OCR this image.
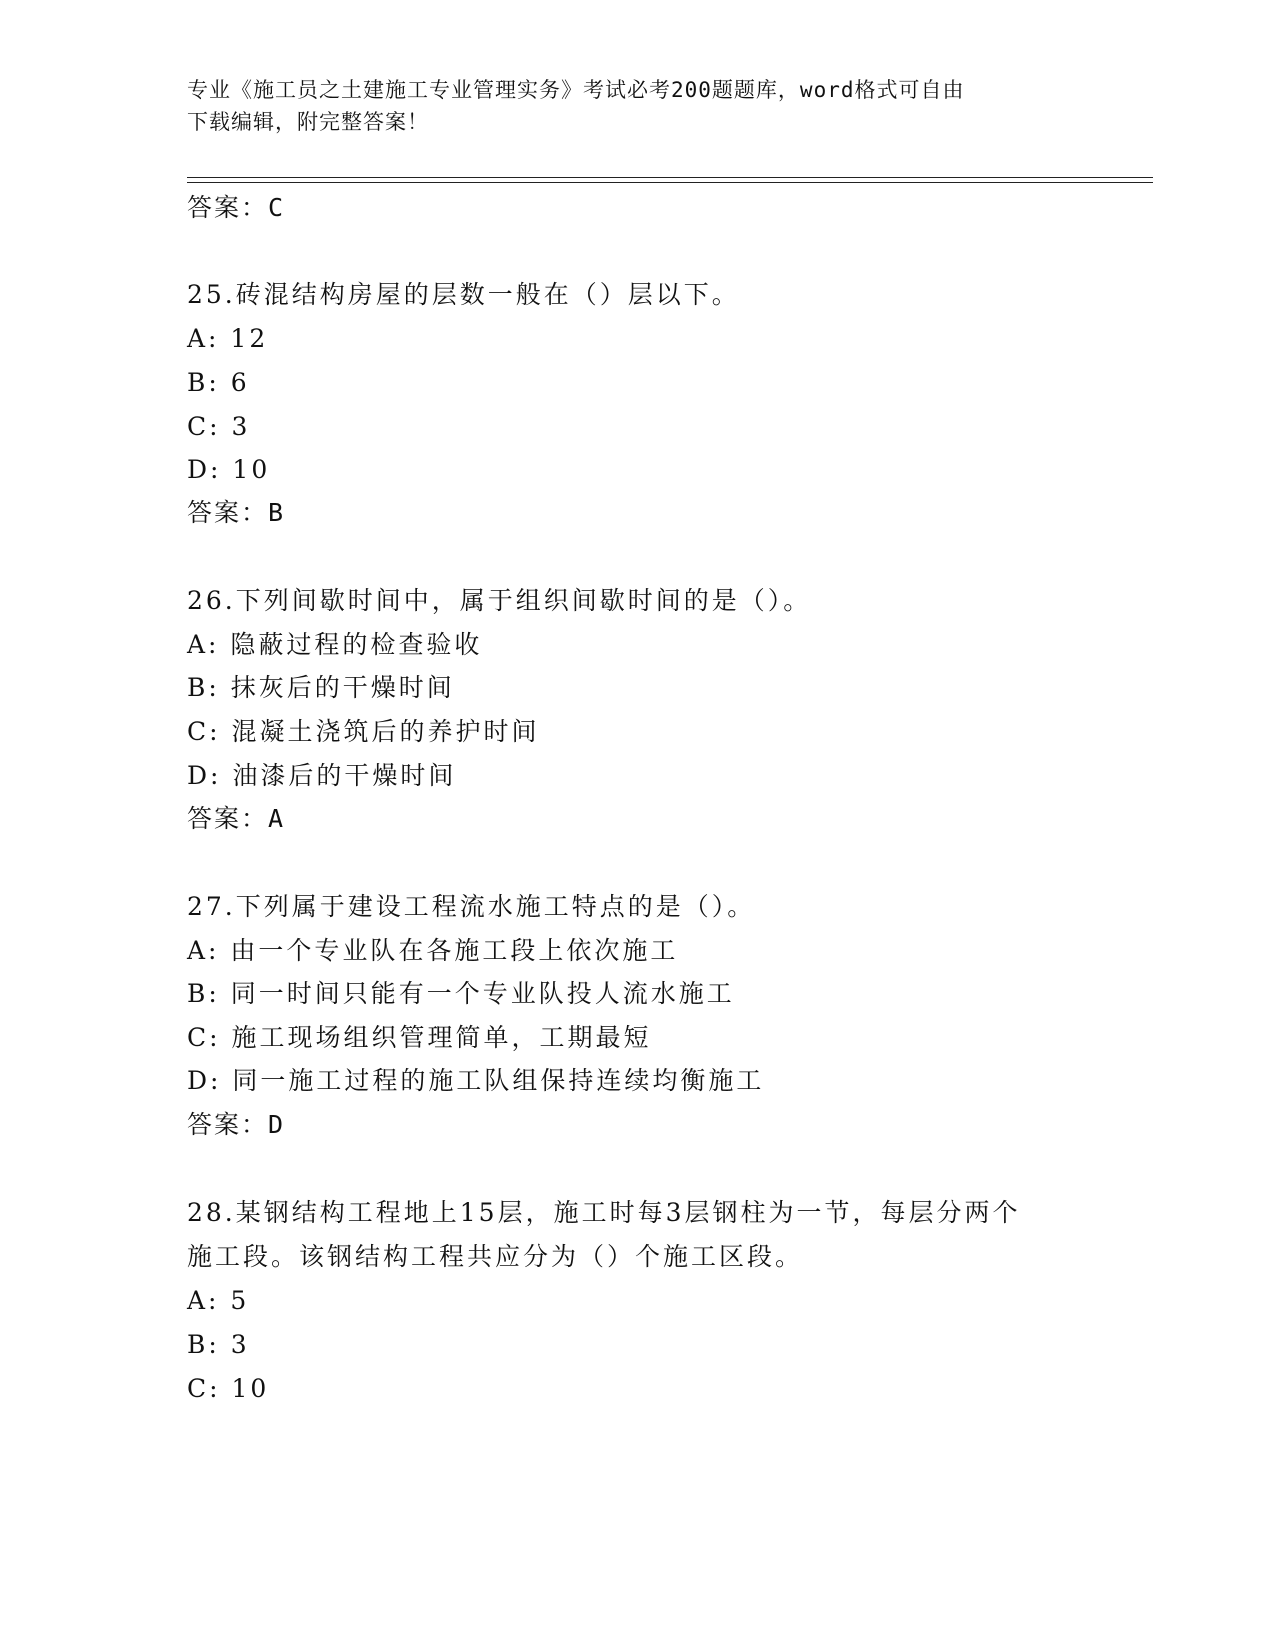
专业《施工员之土建施工专业管理实务》考试必考200题题库，word格式可自由
下载编辑，附完整答案！
答案：C
25.砖混结构房屋的层数一般在（）层以下。
A: 12
B: 6
C: 3
D: 10
答案：B
26.下列间歇时间中，属于组织间歇时间的是（）。
A: 隐蔽过程的检查验收
B: 抹灰后的干燥时间
C: 混凝土浇筑后的养护时间
D: 油漆后的干燥时间
答案：A
27.下列属于建设工程流水施工特点的是（）。
A: 由一个专业队在各施工段上依次施工
B: 同一时间只能有一个专业队投人流水施工
C: 施工现场组织管理简单，工期最短
D: 同一施工过程的施工队组保持连续均衡施工
答案：D
28.某钢结构工程地上15层，施工时每3层钢柱为一节，每层分两个
施工段。该钢结构工程共应分为（）个施工区段。
A: 5
B: 3
C: 10
